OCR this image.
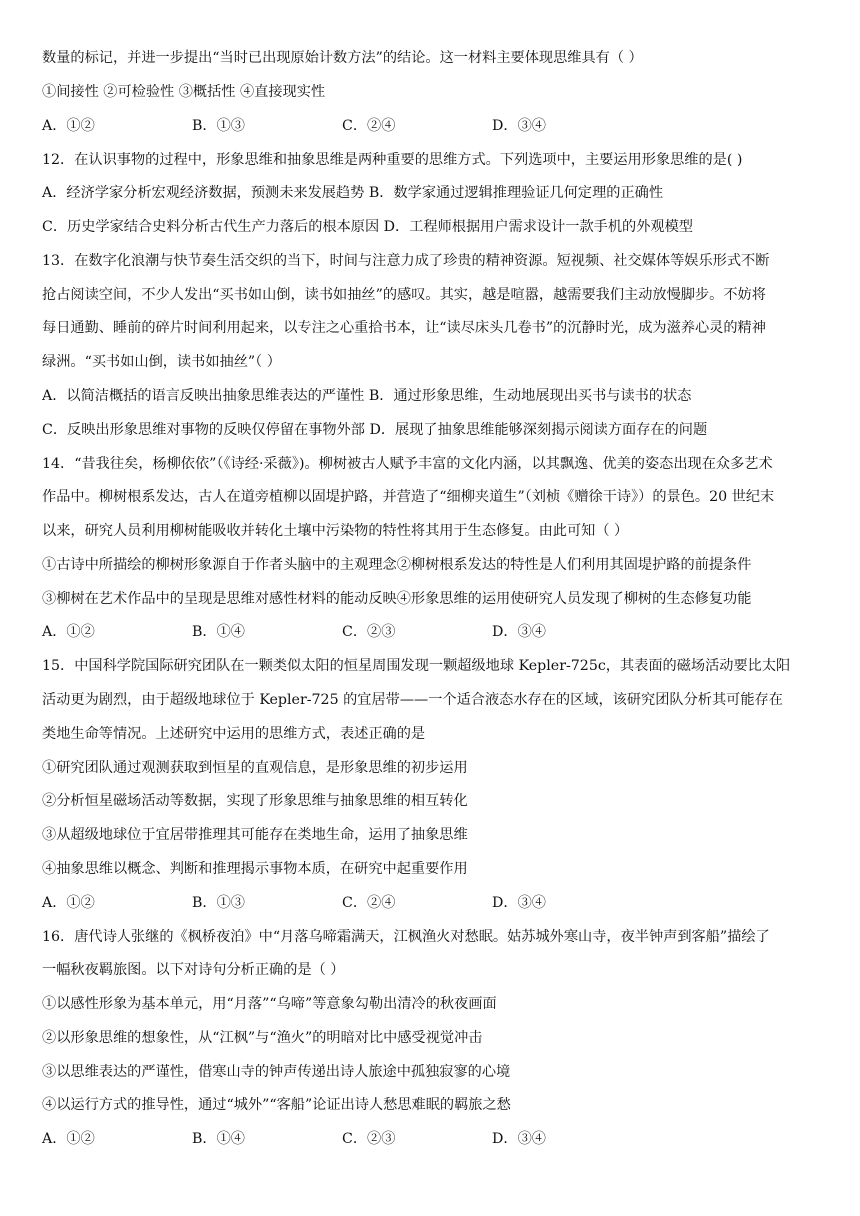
数量的标记，并进一步提出“当时已出现原始计数方法”的结论。这一材料主要体现思维具有（ ）
①间接性 ②可检验性 ③概括性 ④直接现实性
A．①②	B．①③	C．②④	D．③④
12．在认识事物的过程中，形象思维和抽象思维是两种重要的思维方式。下列选项中，主要运用形象思维的是( )
A．经济学家分析宏观经济数据，预测未来发展趋势 B．数学家通过逻辑推理验证几何定理的正确性
C．历史学家结合史料分析古代生产力落后的根本原因 D．工程师根据用户需求设计一款手机的外观模型
13．在数字化浪潮与快节奏生活交织的当下，时间与注意力成了珍贵的精神资源。短视频、社交媒体等娱乐形式不断
抢占阅读空间，不少人发出“买书如山倒，读书如抽丝”的感叹。其实，越是喧嚣，越需要我们主动放慢脚步。不妨将
每日通勤、睡前的碎片时间利用起来，以专注之心重拾书本，让“读尽床头几卷书”的沉静时光，成为滋养心灵的精神
绿洲。“买书如山倒，读书如抽丝”（ ）
A．以简洁概括的语言反映出抽象思维表达的严谨性 B．通过形象思维，生动地展现出买书与读书的状态
C．反映出形象思维对事物的反映仅停留在事物外部 D．展现了抽象思维能够深刻揭示阅读方面存在的问题
14．“昔我往矣，杨柳依依”（《诗经·采薇》)。柳树被古人赋予丰富的文化内涵，以其飘逸、优美的姿态出现在众多艺术
作品中。柳树根系发达，古人在道旁植柳以固堤护路，并营造了“细柳夹道生”（刘桢《赠徐干诗》）的景色。20 世纪末
以来，研究人员利用柳树能吸收并转化土壤中污染物的特性将其用于生态修复。由此可知（ ）
①古诗中所描绘的柳树形象源自于作者头脑中的主观理念②柳树根系发达的特性是人们利用其固堤护路的前提条件
③柳树在艺术作品中的呈现是思维对感性材料的能动反映④形象思维的运用使研究人员发现了柳树的生态修复功能
A．①②	B．①④	C．②③	D．③④
15．中国科学院国际研究团队在一颗类似太阳的恒星周围发现一颗超级地球 Kepler-725c，其表面的磁场活动要比太阳
活动更为剧烈，由于超级地球位于 Kepler-725 的宜居带——一个适合液态水存在的区域，该研究团队分析其可能存在
类地生命等情况。上述研究中运用的思维方式，表述正确的是
①研究团队通过观测获取到恒星的直观信息，是形象思维的初步运用
②分析恒星磁场活动等数据，实现了形象思维与抽象思维的相互转化
③从超级地球位于宜居带推理其可能存在类地生命，运用了抽象思维
④抽象思维以概念、判断和推理揭示事物本质，在研究中起重要作用
A．①②	B．①③	C．②④	D．③④
16．唐代诗人张继的《枫桥夜泊》中“月落乌啼霜满天，江枫渔火对愁眠。姑苏城外寒山寺，夜半钟声到客船”描绘了
一幅秋夜羁旅图。以下对诗句分析正确的是（ ）
①以感性形象为基本单元，用“月落”“乌啼”等意象勾勒出清冷的秋夜画面
②以形象思维的想象性，从“江枫”与“渔火”的明暗对比中感受视觉冲击
③以思维表达的严谨性，借寒山寺的钟声传递出诗人旅途中孤独寂寥的心境
④以运行方式的推导性，通过“城外”“客船”论证出诗人愁思难眠的羁旅之愁
A．①②	B．①④	C．②③	D．③④
